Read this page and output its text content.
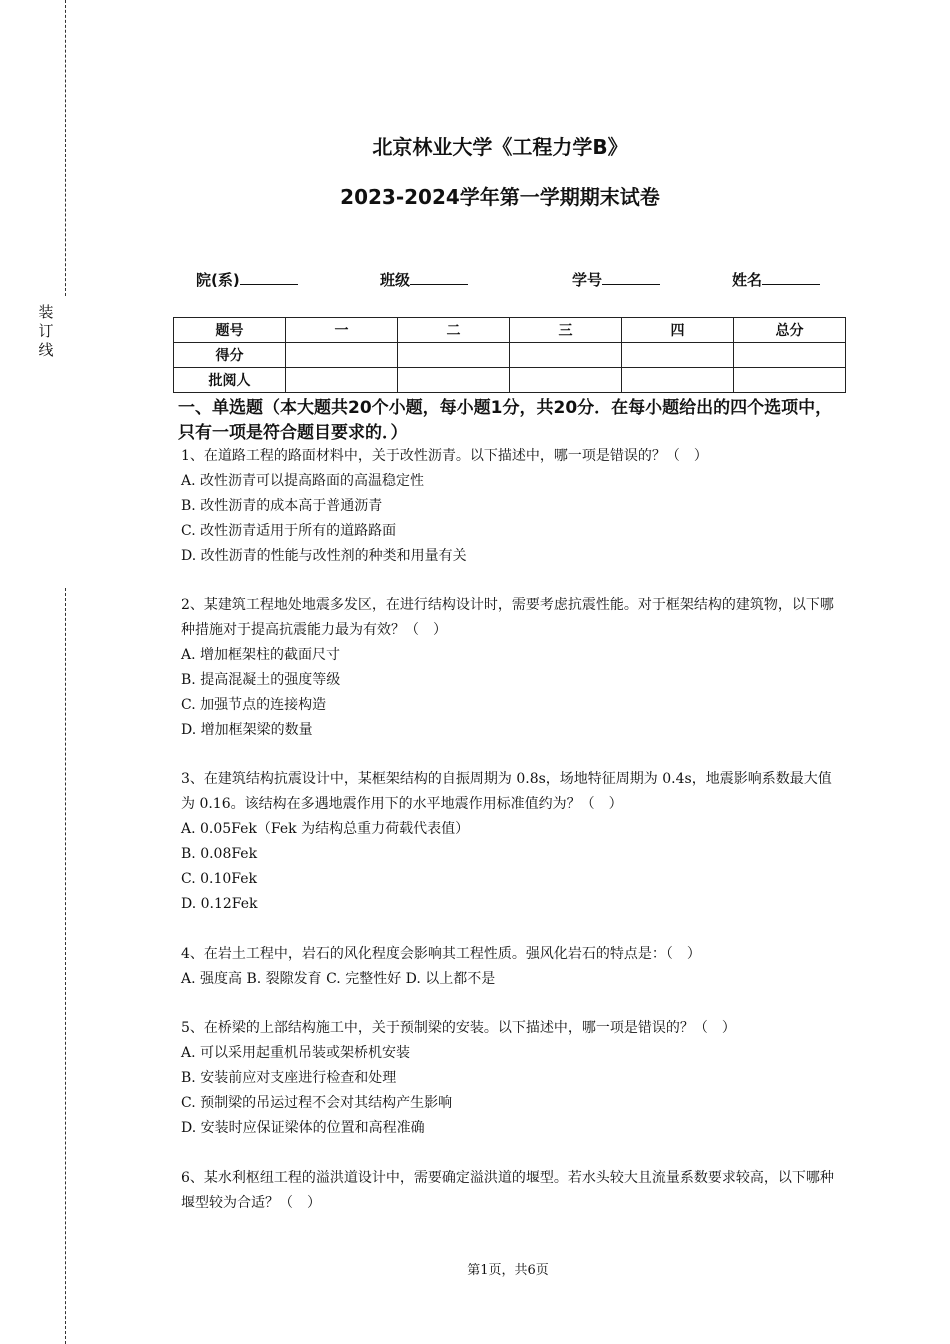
装
订
线
北京林业大学《工程力学B》
2023-2024学年第一学期期末试卷
院(系)	班级	学号	姓名
题号	一	二	三	四	总分
得分					
批阅人					
一、单选题（本大题共20个小题，每小题1分，共20分．在每小题给出的四个选项中，只有一项是符合题目要求的．）
1、在道路工程的路面材料中，关于改性沥青。以下描述中，哪一项是错误的？（　）
A. 改性沥青可以提高路面的高温稳定性
B. 改性沥青的成本高于普通沥青
C. 改性沥青适用于所有的道路路面
D. 改性沥青的性能与改性剂的种类和用量有关
2、某建筑工程地处地震多发区，在进行结构设计时，需要考虑抗震性能。对于框架结构的建筑物，以下哪种措施对于提高抗震能力最为有效？（　）
A. 增加框架柱的截面尺寸
B. 提高混凝土的强度等级
C. 加强节点的连接构造
D. 增加框架梁的数量
3、在建筑结构抗震设计中，某框架结构的自振周期为 0.8s，场地特征周期为 0.4s，地震影响系数最大值为 0.16。该结构在多遇地震作用下的水平地震作用标准值约为？（　）
A. 0.05Fek（Fek 为结构总重力荷载代表值）
B. 0.08Fek
C. 0.10Fek
D. 0.12Fek
4、在岩土工程中，岩石的风化程度会影响其工程性质。强风化岩石的特点是：（　）
A. 强度高 B. 裂隙发育 C. 完整性好 D. 以上都不是
5、在桥梁的上部结构施工中，关于预制梁的安装。以下描述中，哪一项是错误的？（　）
A. 可以采用起重机吊装或架桥机安装
B. 安装前应对支座进行检查和处理
C. 预制梁的吊运过程不会对其结构产生影响
D. 安装时应保证梁体的位置和高程准确
6、某水利枢纽工程的溢洪道设计中，需要确定溢洪道的堰型。若水头较大且流量系数要求较高，以下哪种堰型较为合适？（　）
第1页，共6页
